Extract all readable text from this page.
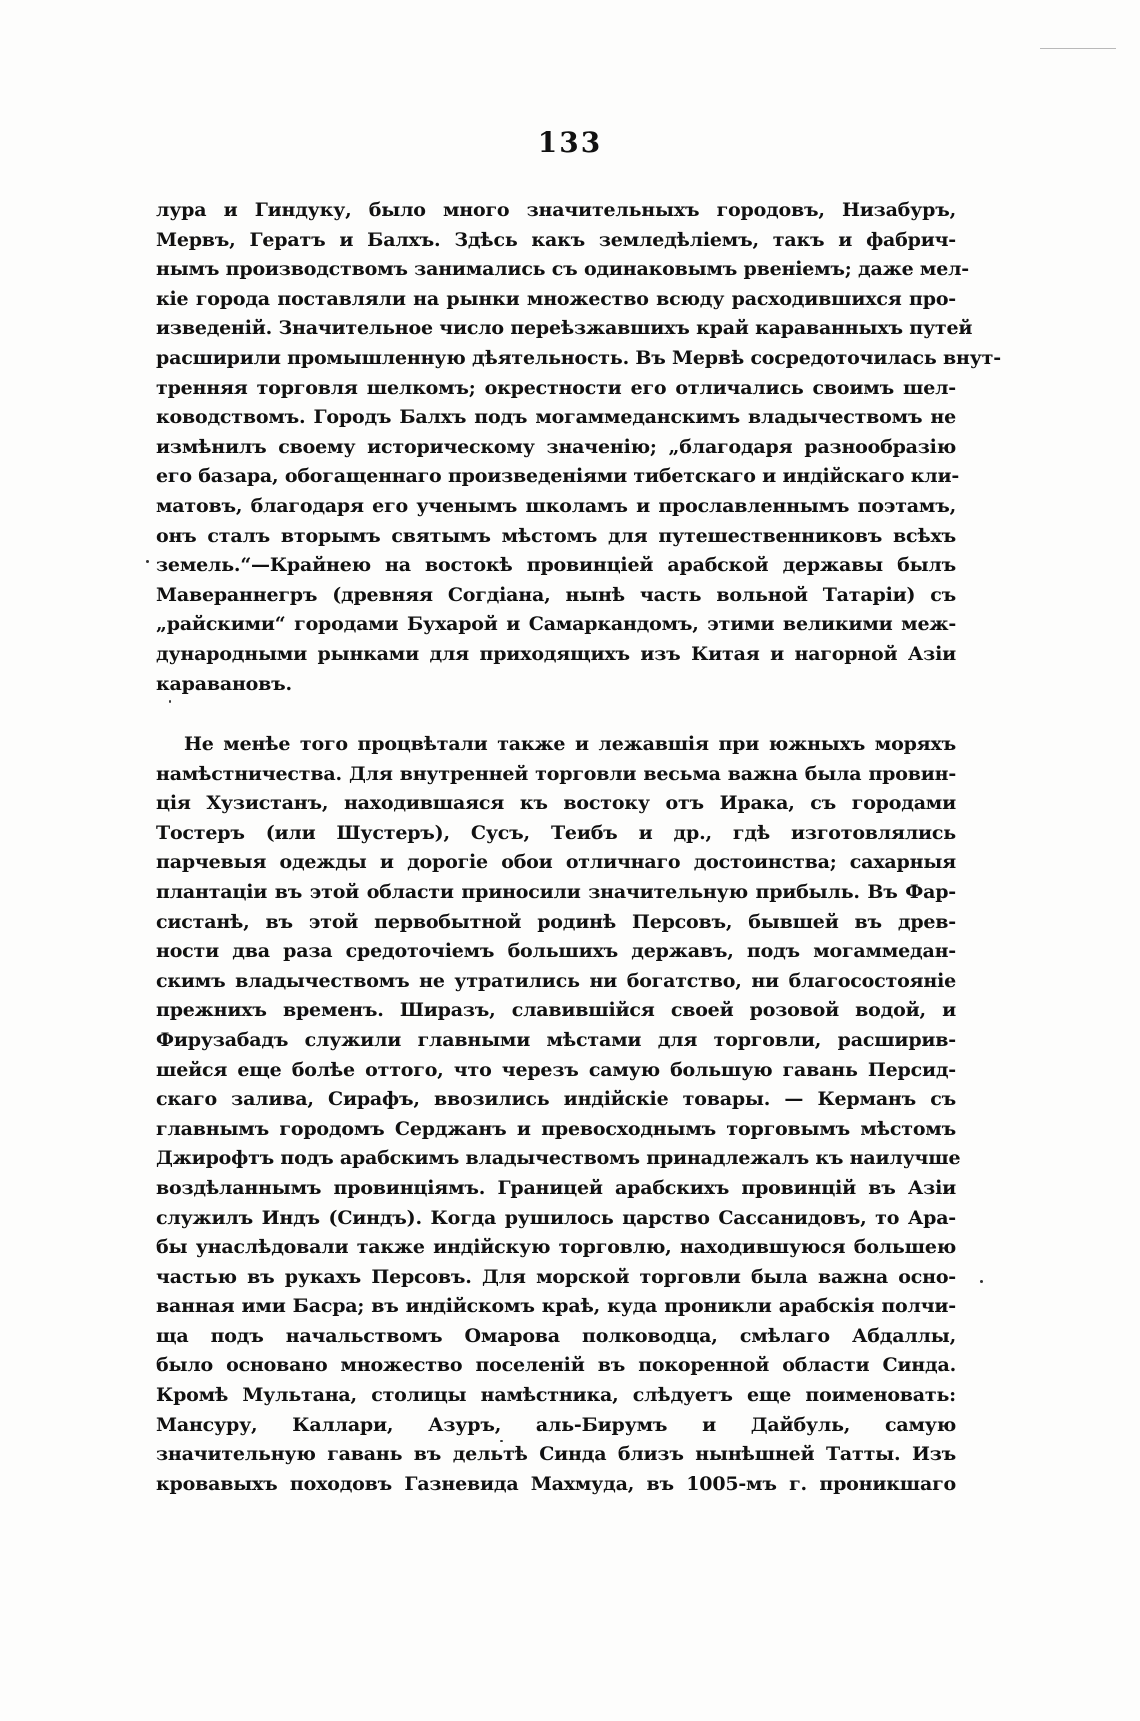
133
лура и Гиндуку, было много значительныхъ городовъ, Низабуръ,
Мервъ, Гератъ и Балхъ. Здѣсь какъ земледѣліемъ, такъ и фабрич-
нымъ производствомъ занимались съ одинаковымъ рвеніемъ; даже мел-
кіе города поставляли на рынки множество всюду расходившихся про-
изведеній. Значительное число переѣзжавшихъ край караванныхъ путей
расширили промышленную дѣятельность. Въ Мервѣ сосредоточилась внут-
тренняя торговля шелкомъ; окрестности его отличались своимъ шел-
ководствомъ. Городъ Балхъ подъ могаммеданскимъ владычествомъ не
измѣнилъ своему историческому значенію; „благодаря разнообразію
его базара, обогащеннаго произведеніями тибетскаго и индійскаго кли-
матовъ, благодаря его ученымъ школамъ и прославленнымъ поэтамъ,
онъ сталъ вторымъ святымъ мѣстомъ для путешественниковъ всѣхъ
земель.“—Крайнею на востокѣ провинціей арабской державы былъ
Мавераннегръ (древняя Согдіана, нынѣ часть вольной Татаріи) съ
„райскими“ городами Бухарой и Самаркандомъ, этими великими меж-
дународными рынками для приходящихъ изъ Китая и нагорной Азіи
каравановъ.
Не менѣе того процвѣтали также и лежавшія при южныхъ моряхъ
намѣстничества. Для внутренней торговли весьма важна была провин-
ція Хузистанъ, находившаяся къ востоку отъ Ирака, съ городами
Тостеръ (или Шустеръ), Сусъ, Теибъ и др., гдѣ изготовлялись
парчевыя одежды и дорогіе обои отличнаго достоинства; сахарныя
плантаціи въ этой области приносили значительную прибыль. Въ Фар-
систанѣ, въ этой первобытной родинѣ Персовъ, бывшей въ древ-
ности два раза средоточіемъ большихъ державъ, подъ могаммедан-
скимъ владычествомъ не утратились ни богатство, ни благосостояніе
прежнихъ временъ. Ширазъ, славившійся своей розовой водой, и
Фирузабадъ служили главными мѣстами для торговли, расширив-
шейся еще болѣе оттого, что черезъ самую большую гавань Персид-
скаго залива, Сирафъ, ввозились индійскіе товары. — Керманъ съ
главнымъ городомъ Серджанъ и превосходнымъ торговымъ мѣстомъ
Джирофтъ подъ арабскимъ владычествомъ принадлежалъ къ наилучше
воздѣланнымъ провинціямъ. Границей арабскихъ провинцій въ Азіи
служилъ Индъ (Синдъ). Когда рушилось царство Сассанидовъ, то Ара-
бы унаслѣдовали также индійскую торговлю, находившуюся большею
частью въ рукахъ Персовъ. Для морской торговли была важна осно-
ванная ими Басра; въ индійскомъ краѣ, куда проникли арабскія полчи-
ща подъ начальствомъ Омарова полководца, смѣлаго Абдаллы,
было основано множество поселеній въ покоренной области Синда.
Кромѣ Мультана, столицы намѣстника, слѣдуетъ еще поименовать:
Мансуру, Каллари, Азуръ, аль-Бирумъ и Дайбуль, самую
значительную гавань въ дельтѣ Синда близъ нынѣшней Татты. Изъ
кровавыхъ походовъ Газневида Махмуда, въ 1005-мъ г. проникшаго
